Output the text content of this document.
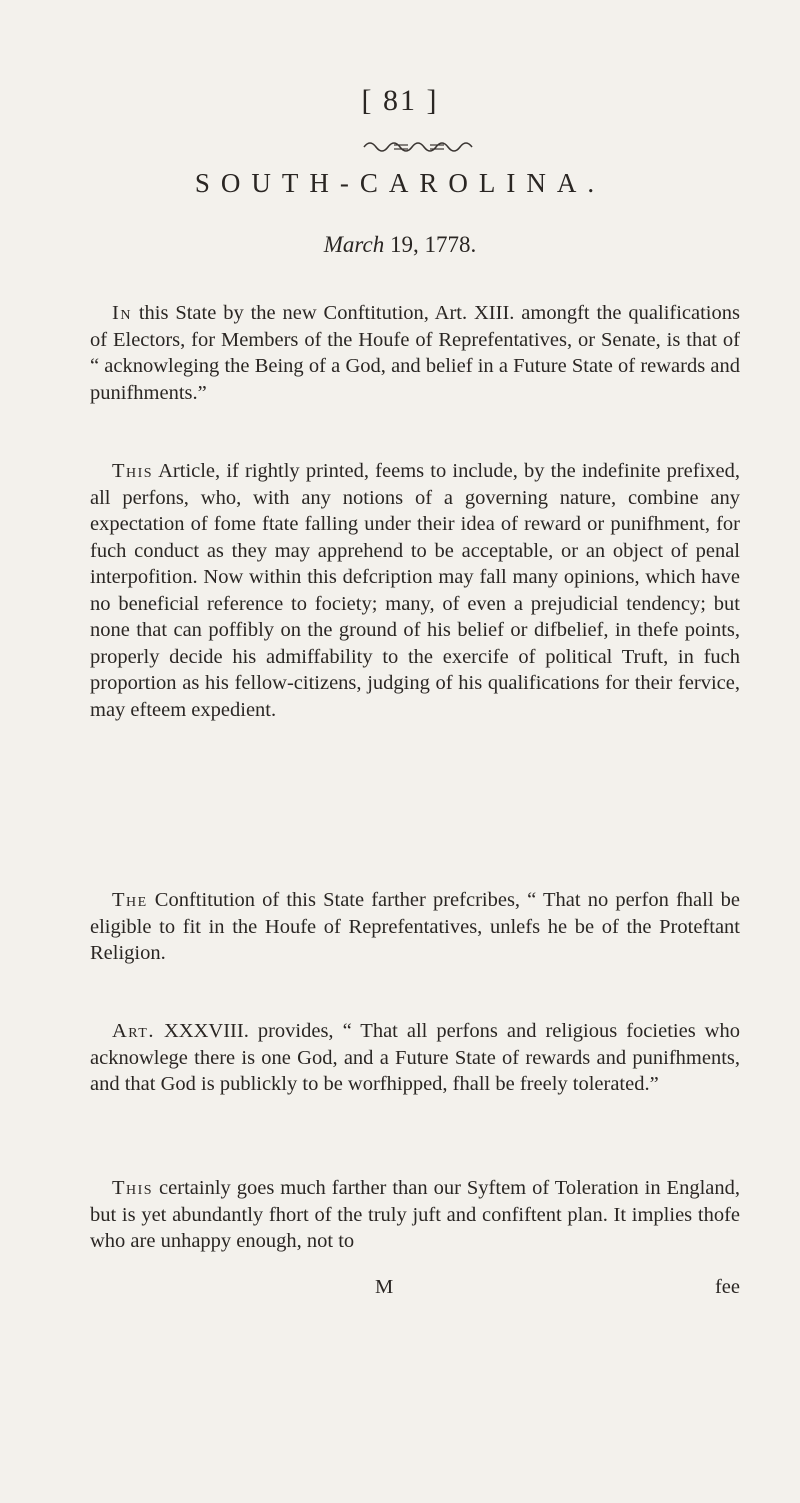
[ 81 ]
SOUTH-CAROLINA.
March 19, 1778.

In this State by the new Conftitution, Art. XIII. amongft the qualifications of Electors, for Members of the Houfe of Reprefentatives, or Senate, is that of “ acknowleging the Being of a God, and belief in a Future State of rewards and punifhments.”

This Article, if rightly printed, feems to include, by the indefinite prefixed, all perfons, who, with any notions of a governing nature, combine any expectation of fome ftate falling under their idea of reward or punifhment, for fuch conduct as they may apprehend to be acceptable, or an object of penal interpofition. Now within this defcription may fall many opinions, which have no beneficial reference to fociety; many, of even a prejudicial tendency; but none that can poffibly on the ground of his belief or difbelief, in thefe points, properly decide his admiffability to the exercife of political Truft, in fuch proportion as his fellow-citizens, judging of his qualifications for their fervice, may efteem expedient.

The Conftitution of this State farther prefcribes, “ That no perfon fhall be eligible to fit in the Houfe of Reprefentatives, unlefs he be of the Proteftant Religion.

Art. XXXVIII. provides, “ That all perfons and religious focieties who acknowlege there is one God, and a Future State of rewards and punifhments, and that God is publickly to be worfhipped, fhall be freely tolerated.”

This certainly goes much farther than our Syftem of Toleration in England, but is yet abundantly fhort of the truly juft and confiftent plan. It implies thofe who are unhappy enough, not to

M	fee
